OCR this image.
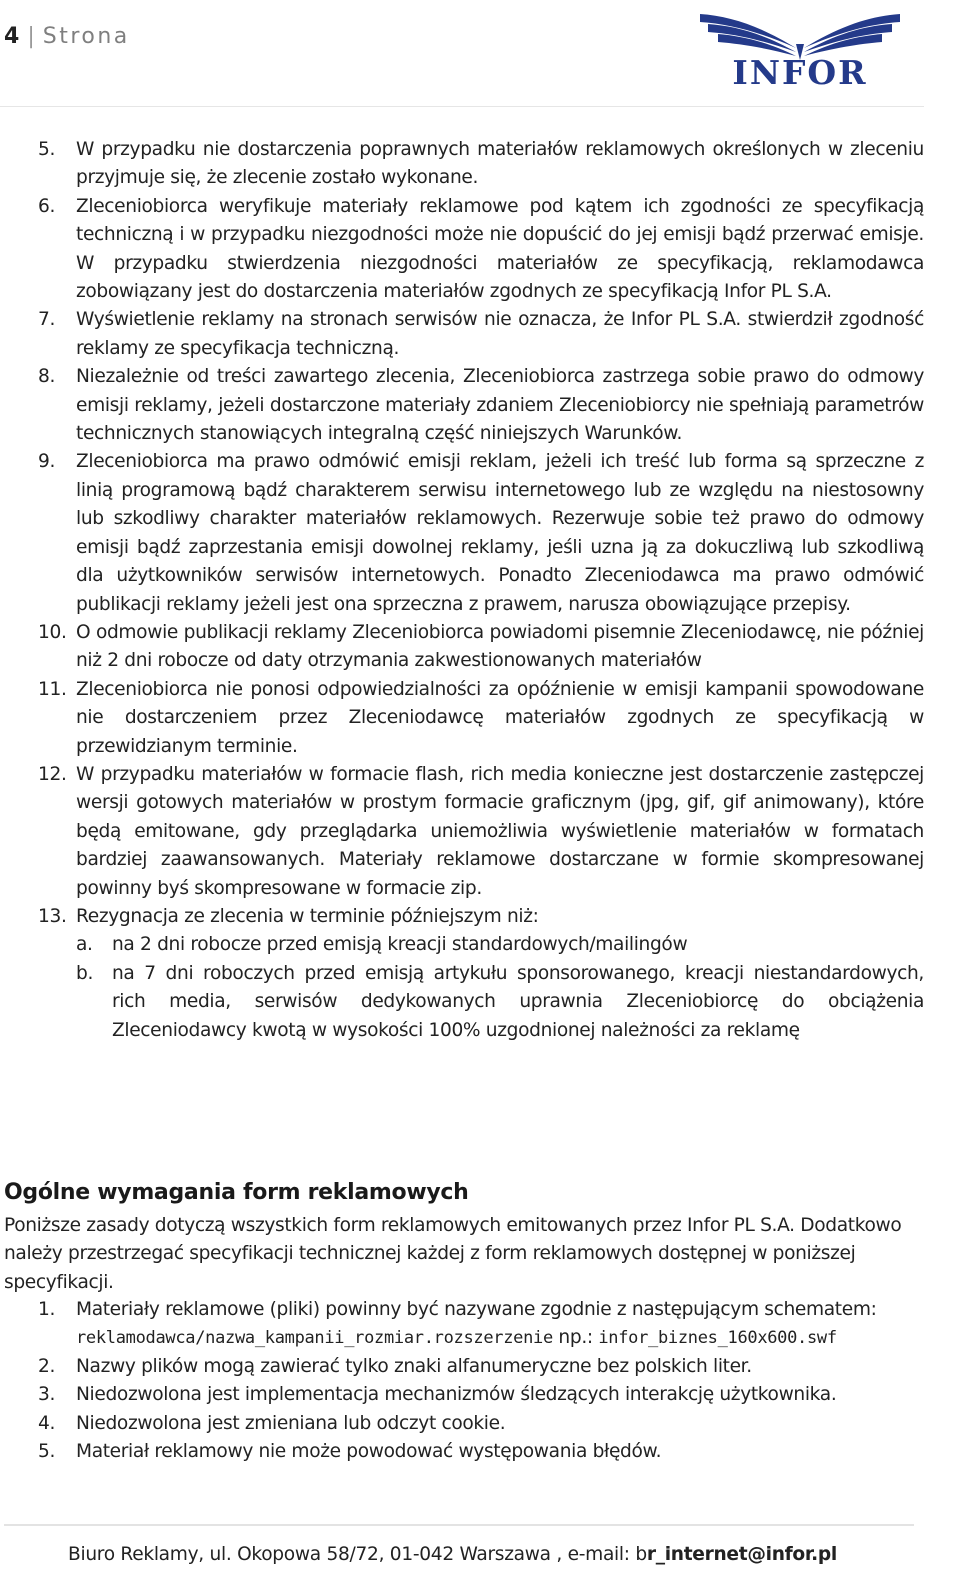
4 | Strona
INFOR
5.	W przypadku nie dostarczenia poprawnych materiałów reklamowych określonych w zleceniu przyjmuje się, że zlecenie zostało wykonane.
6.	Zleceniobiorca weryfikuje materiały reklamowe pod kątem ich zgodności ze specyfikacją techniczną i w przypadku niezgodności może nie dopuścić do jej emisji bądź przerwać emisje. W przypadku stwierdzenia niezgodności materiałów ze specyfikacją, reklamodawca zobowiązany jest do dostarczenia materiałów zgodnych ze specyfikacją Infor PL S.A.
7.	Wyświetlenie reklamy na stronach serwisów nie oznacza, że Infor PL S.A. stwierdził zgodność reklamy ze specyfikacja techniczną.
8.	Niezależnie od treści zawartego zlecenia, Zleceniobiorca zastrzega sobie prawo do odmowy emisji reklamy, jeżeli dostarczone materiały zdaniem Zleceniobiorcy nie spełniają parametrów technicznych stanowiących integralną część niniejszych Warunków.
9.	Zleceniobiorca ma prawo odmówić emisji reklam, jeżeli ich treść lub forma są sprzeczne z linią programową bądź charakterem serwisu internetowego lub ze względu na niestosowny lub szkodliwy charakter materiałów reklamowych. Rezerwuje sobie też prawo do odmowy emisji bądź zaprzestania emisji dowolnej reklamy, jeśli uzna ją za dokuczliwą lub szkodliwą dla użytkowników serwisów internetowych. Ponadto Zleceniodawca ma prawo odmówić publikacji reklamy jeżeli jest ona sprzeczna z prawem, narusza obowiązujące przepisy.
10. O odmowie publikacji reklamy Zleceniobiorca powiadomi pisemnie Zleceniodawcę, nie później niż 2 dni robocze od daty otrzymania zakwestionowanych materiałów
11. Zleceniobiorca nie ponosi odpowiedzialności za opóźnienie w emisji kampanii spowodowane nie dostarczeniem przez Zleceniodawcę materiałów zgodnych ze specyfikacją w przewidzianym terminie.
12. W przypadku materiałów w formacie flash, rich media konieczne jest dostarczenie zastępczej wersji gotowych materiałów w prostym formacie graficznym (jpg, gif, gif animowany), które będą emitowane, gdy przeglądarka uniemożliwia wyświetlenie materiałów w formatach bardziej zaawansowanych. Materiały reklamowe dostarczane w formie skompresowanej powinny byś skompresowane w formacie zip.
13. Rezygnacja ze zlecenia w terminie późniejszym niż:
a.	na 2 dni robocze przed emisją kreacji standardowych/mailingów
b.	na 7 dni roboczych przed emisją artykułu sponsorowanego, kreacji niestandardowych, rich media, serwisów dedykowanych uprawnia Zleceniobiorcę do obciążenia Zleceniodawcy kwotą w wysokości 100% uzgodnionej należności za reklamę
Ogólne wymagania form reklamowych
Poniższe zasady dotyczą wszystkich form reklamowych emitowanych przez Infor PL S.A. Dodatkowo należy przestrzegać specyfikacji technicznej każdej z form reklamowych dostępnej w poniższej specyfikacji.
1.	Materiały reklamowe (pliki) powinny być nazywane zgodnie z następującym schematem: reklamodawca/nazwa_kampanii_rozmiar.rozszerzenie np.: infor_biznes_160x600.swf
2.	Nazwy plików mogą zawierać tylko znaki alfanumeryczne bez polskich liter.
3.	Niedozwolona jest implementacja mechanizmów śledzących interakcję użytkownika.
4.	Niedozwolona jest zmieniana lub odczyt cookie.
5.	Materiał reklamowy nie może powodować występowania błędów.
Biuro Reklamy, ul. Okopowa 58/72, 01-042 Warszawa , e-mail: br_internet@infor.pl
